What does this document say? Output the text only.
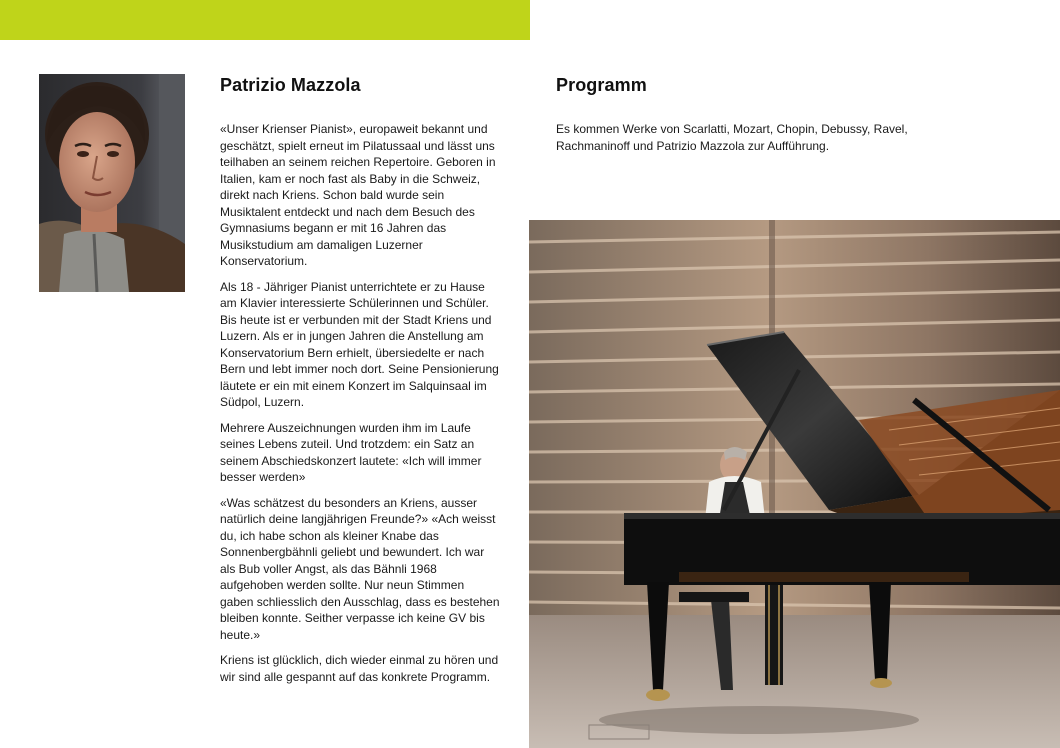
Patrizio Mazzola

«Unser Krienser Pianist», europaweit bekannt und geschätzt, spielt erneut im Pilatussaal und lässt uns teilhaben an seinem reichen Repertoire. Geboren in Italien, kam er noch fast als Baby in die Schweiz, direkt nach Kriens. Schon bald wurde sein Musiktalent entdeckt und nach dem Besuch des Gymnasiums begann er mit 16 Jahren das Musikstudium am damaligen Luzerner Konservatorium.

Als 18 - Jähriger Pianist unterrichtete er zu Hause am Klavier interessierte Schülerinnen und Schüler. Bis heute ist er verbunden mit der Stadt Kriens und Luzern. Als er in jungen Jahren die Anstellung am Konservatorium Bern erhielt, übersiedelte er nach Bern und lebt immer noch dort. Seine Pensionierung läutete er ein mit einem Konzert im Salquinsaal im Südpol, Luzern.

Mehrere Auszeichnungen wurden ihm im Laufe seines Lebens zuteil. Und trotzdem: ein Satz an seinem Abschiedskonzert lautete: «Ich will immer besser werden»

«Was schätzest du besonders an Kriens, ausser natürlich deine langjährigen Freunde?» «Ach weisst du, ich habe schon als kleiner Knabe das Sonnenbergbähnli geliebt und bewundert. Ich war als Bub voller Angst, als das Bähnli 1968 aufgehoben werden sollte. Nur neun Stimmen gaben schliesslich den Ausschlag, dass es bestehen bleiben konnte. Seither verpasse ich keine GV bis heute.»

Kriens ist glücklich, dich wieder einmal zu hören und wir sind alle gespannt auf das konkrete Programm.

Programm
Es kommen Werke von Scarlatti, Mozart, Chopin, Debussy, Ravel, Rachmaninoff und Patrizio Mazzola zur Aufführung.
